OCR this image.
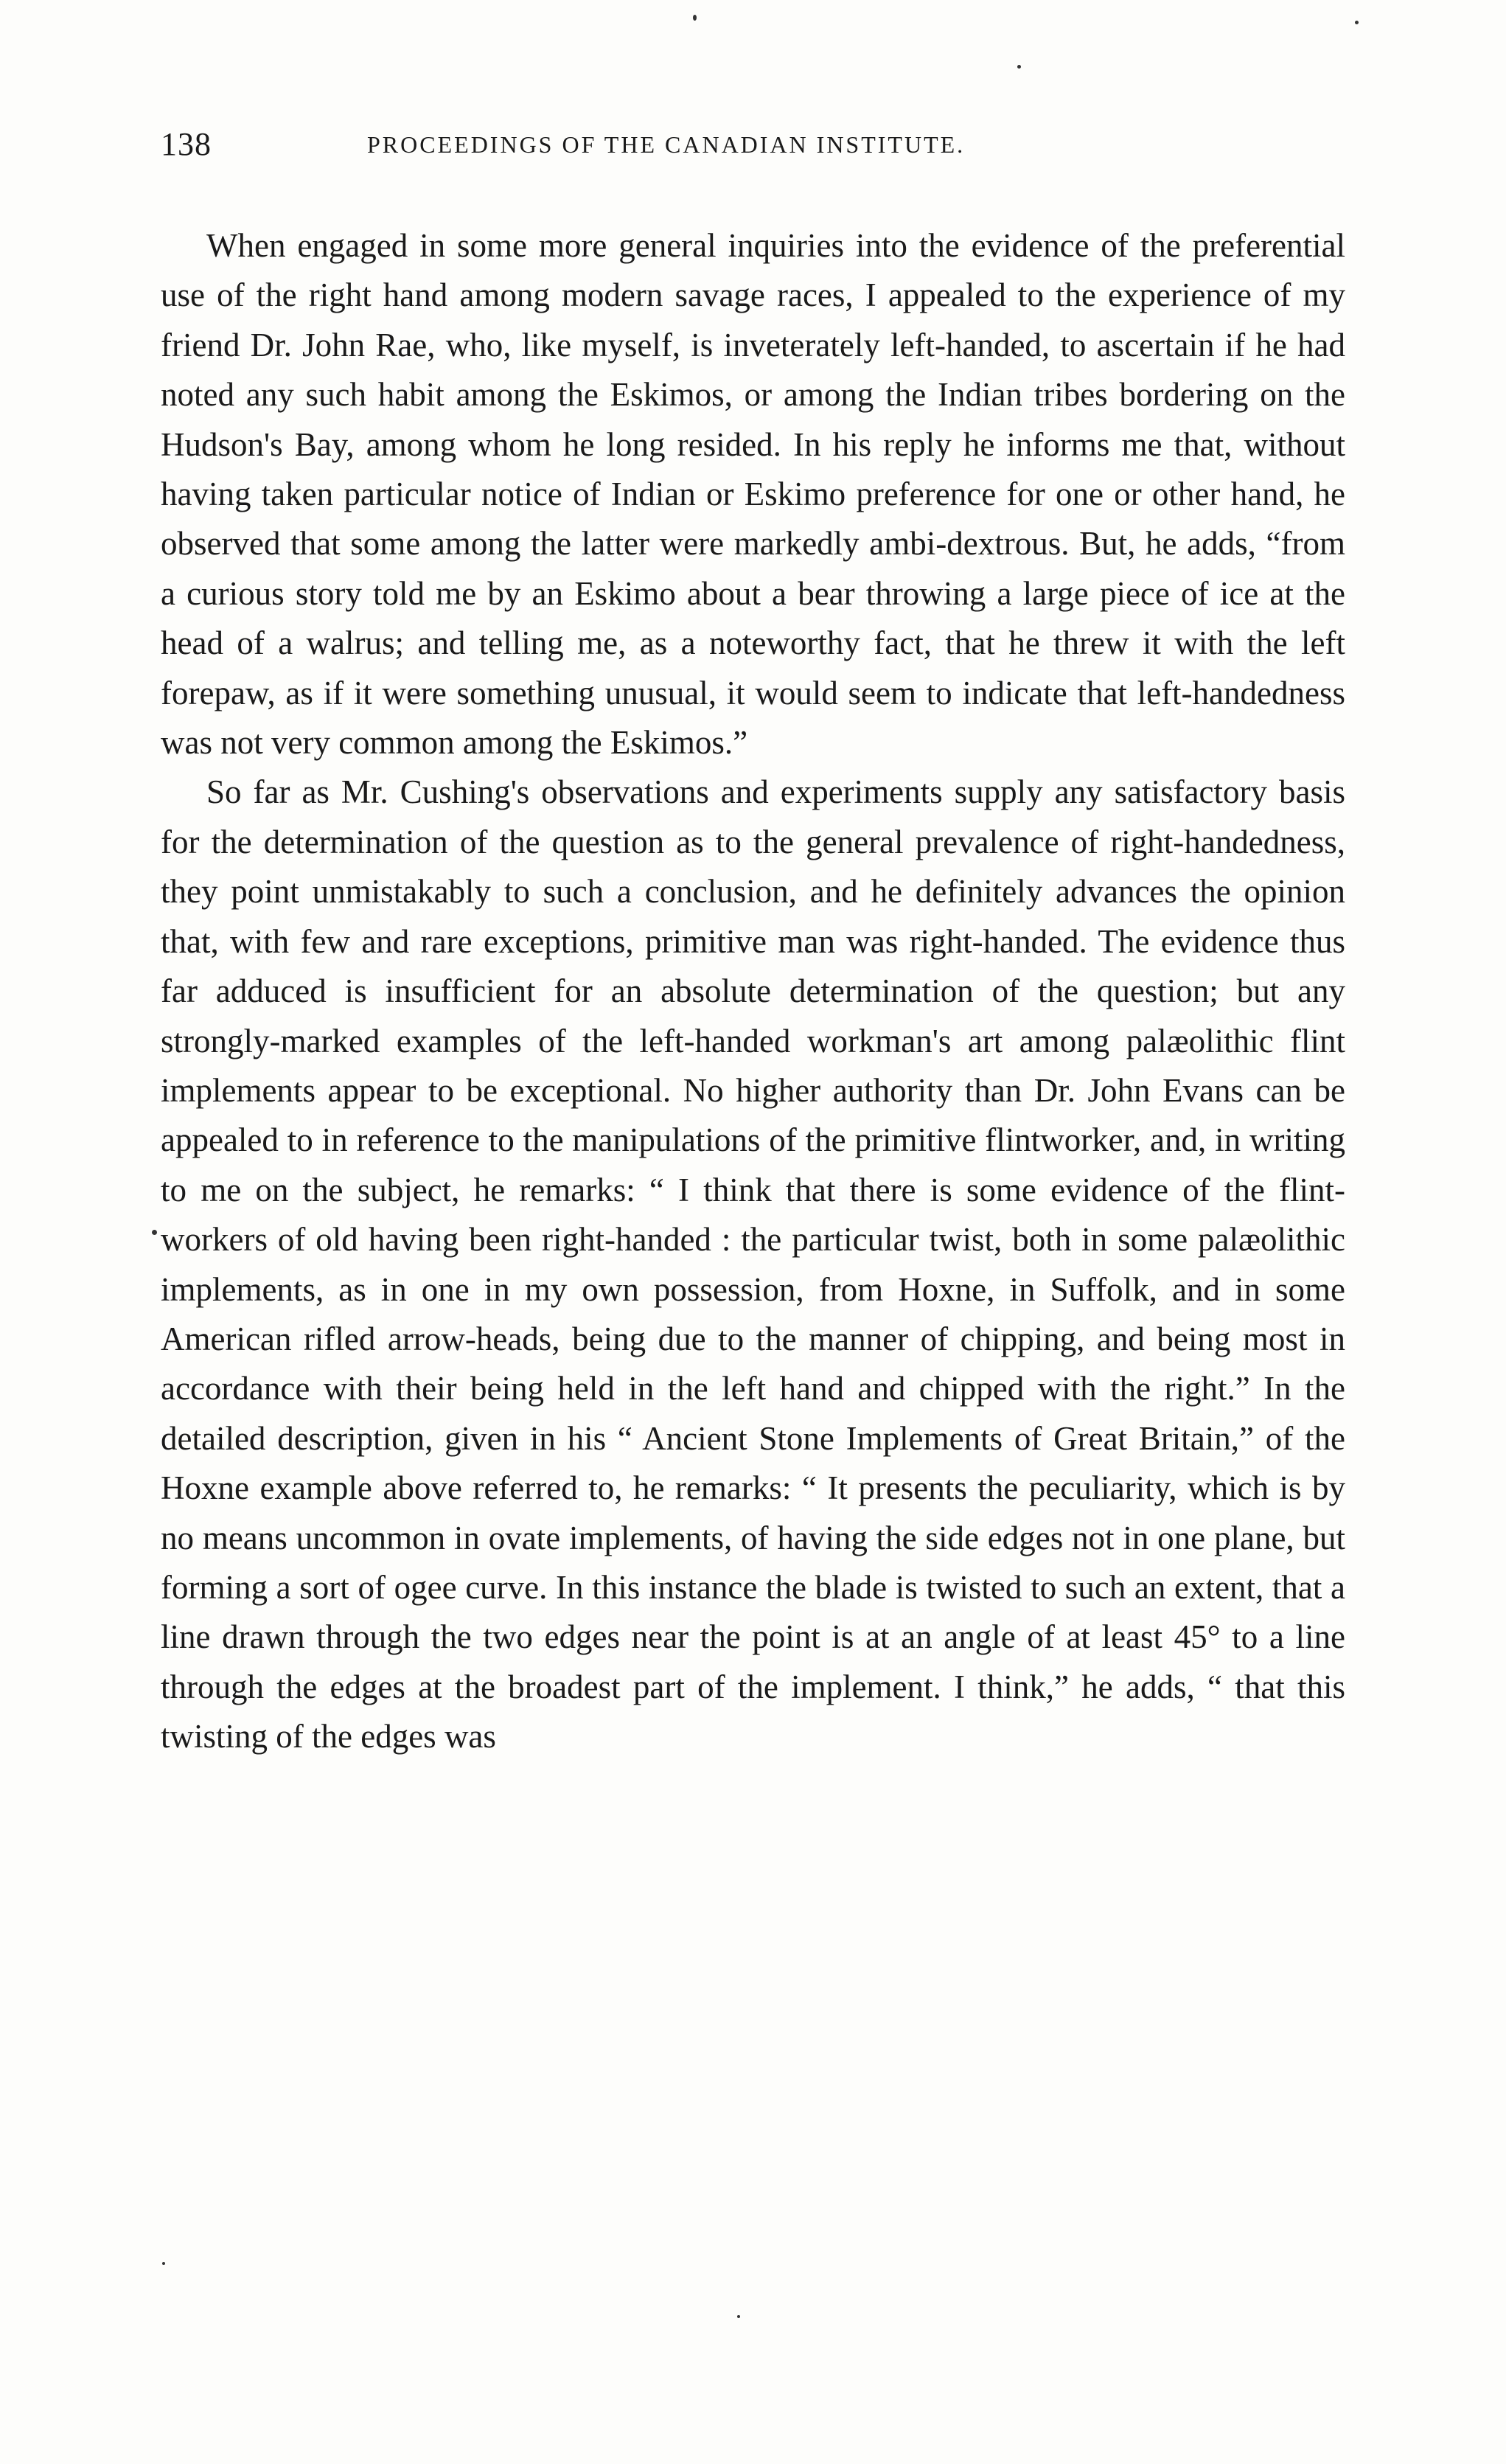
138	PROCEEDINGS OF THE CANADIAN INSTITUTE.

When engaged in some more general inquiries into the evidence of the preferential use of the right hand among modern savage races, I appealed to the experience of my friend Dr. John Rae, who, like myself, is inveterately left-handed, to ascertain if he had noted any such habit among the Eskimos, or among the Indian tribes bordering on the Hudson's Bay, among whom he long resided. In his reply he informs me that, without having taken particular notice of Indian or Eskimo preference for one or other hand, he observed that some among the latter were markedly ambi-dextrous. But, he adds, “from a curious story told me by an Eskimo about a bear throwing a large piece of ice at the head of a walrus; and telling me, as a noteworthy fact, that he threw it with the left forepaw, as if it were something unusual, it would seem to indicate that left-handedness was not very common among the Eskimos.”

So far as Mr. Cushing's observations and experiments supply any satisfactory basis for the determination of the question as to the general prevalence of right-handedness, they point unmistakably to such a conclusion, and he definitely advances the opinion that, with few and rare exceptions, primitive man was right-handed. The evidence thus far adduced is insufficient for an absolute determination of the question; but any strongly-marked examples of the left-handed workman's art among palæolithic flint implements appear to be exceptional. No higher authority than Dr. John Evans can be appealed to in reference to the manipulations of the primitive flintworker, and, in writing to me on the subject, he remarks: “ I think that there is some evidence of the flint-workers of old having been right-handed : the particular twist, both in some palæolithic implements, as in one in my own possession, from Hoxne, in Suffolk, and in some American rifled arrow-heads, being due to the manner of chipping, and being most in accordance with their being held in the left hand and chipped with the right.” In the detailed description, given in his “ Ancient Stone Implements of Great Britain,” of the Hoxne example above referred to, he remarks: “ It presents the peculiarity, which is by no means uncommon in ovate implements, of having the side edges not in one plane, but forming a sort of ogee curve. In this instance the blade is twisted to such an extent, that a line drawn through the two edges near the point is at an angle of at least 45° to a line through the edges at the broadest part of the implement. I think,” he adds, “ that this twisting of the edges was
